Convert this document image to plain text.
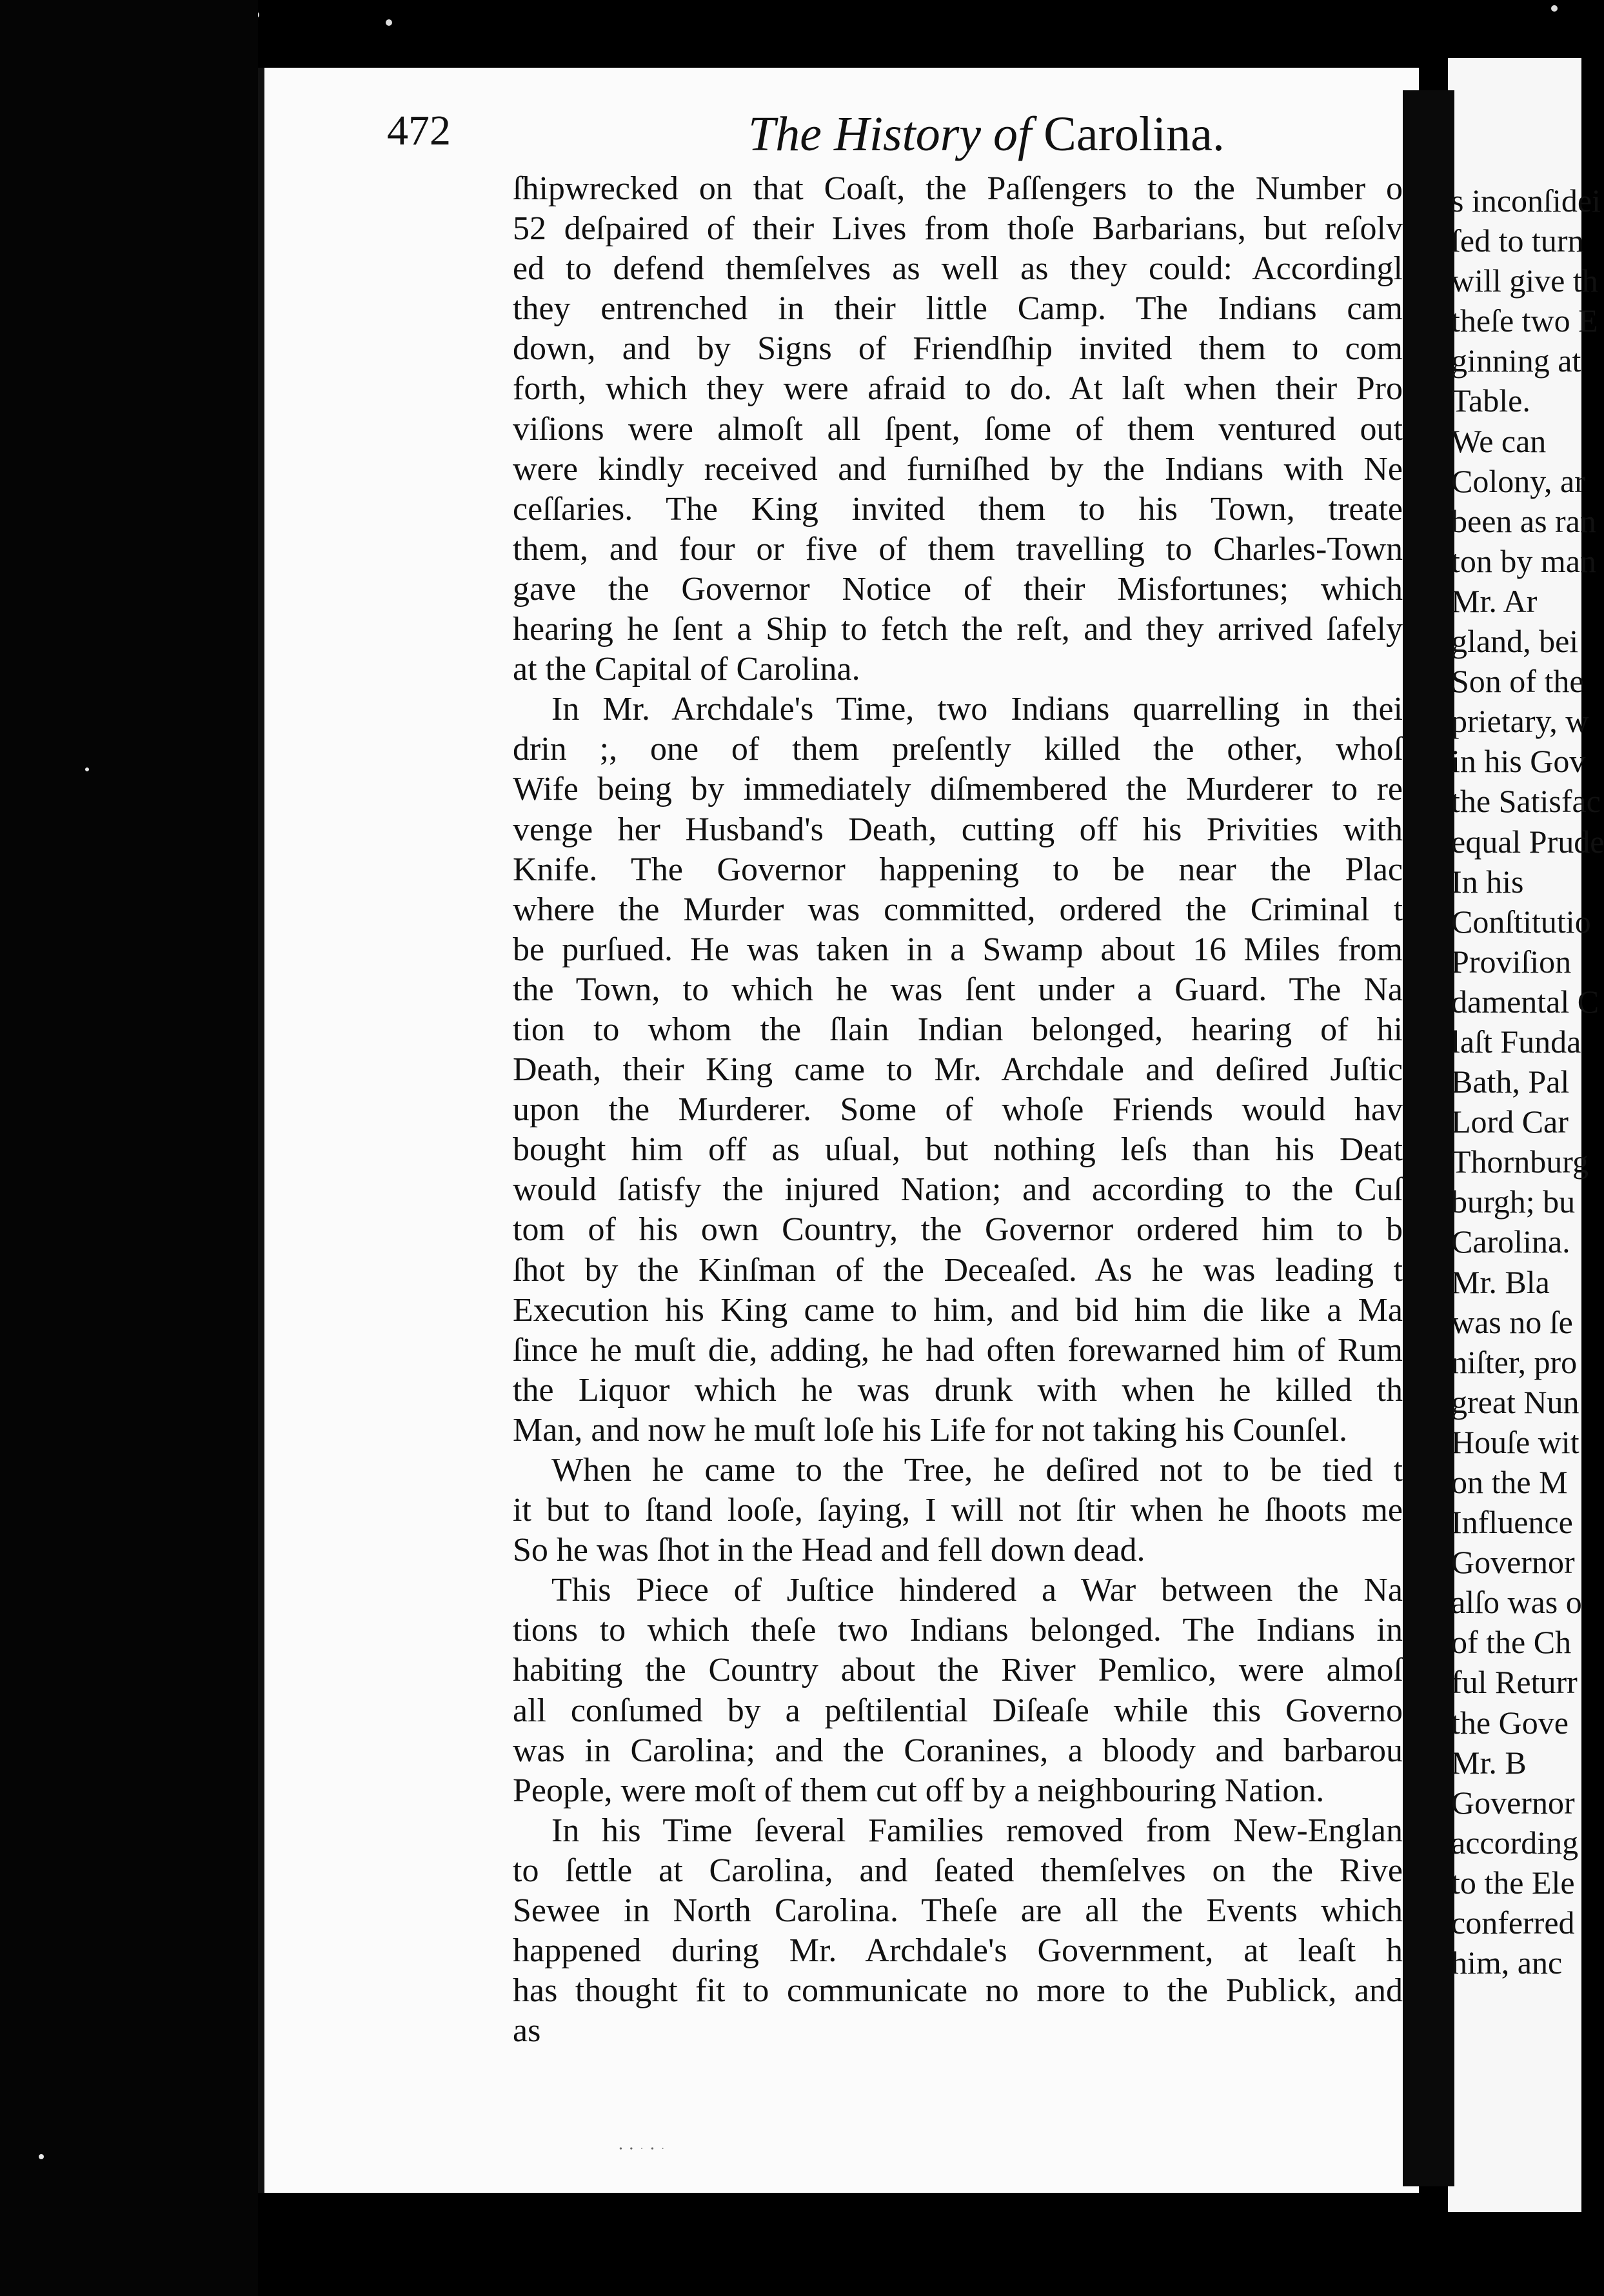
472	The History of Carolina.
ſhipwrecked on that Coaſt, the Paſſengers to the Number o
52 deſpaired of their Lives from thoſe Barbarians, but reſolv
ed to defend themſelves as well as they could: Accordingl
they entrenched in their little Camp. The Indians cam
down, and by Signs of Friendſhip invited them to com
forth, which they were afraid to do. At laſt when their Pro
viſions were almoſt all ſpent, ſome of them ventured out
were kindly received and furniſhed by the Indians with Ne
ceſſaries. The King invited them to his Town, treate
them, and four or five of them travelling to Charles-Town
gave the Governor Notice of their Misfortunes; which
hearing he ſent a Ship to fetch the reſt, and they arrived ſafely
at the Capital of Carolina.
In Mr. Archdale's Time, two Indians quarrelling in thei
drin ;, one of them preſently killed the other, whoſ
Wife being by immediately diſmembered the Murderer to re
venge her Husband's Death, cutting off his Privities with
Knife. The Governor happening to be near the Plac
where the Murder was committed, ordered the Criminal t
be purſued. He was taken in a Swamp about 16 Miles from
the Town, to which he was ſent under a Guard. The Na
tion to whom the ſlain Indian belonged, hearing of hi
Death, their King came to Mr. Archdale and deſired Juſtic
upon the Murderer. Some of whoſe Friends would hav
bought him off as uſual, but nothing leſs than his Deat
would ſatisfy the injured Nation; and according to the Cuſ
tom of his own Country, the Governor ordered him to b
ſhot by the Kinſman of the Deceaſed. As he was leading t
Execution his King came to him, and bid him die like a Ma
ſince he muſt die, adding, he had often forewarned him of Rum
the Liquor which he was drunk with when he killed th
Man, and now he muſt loſe his Life for not taking his Counſel.
When he came to the Tree, he deſired not to be tied t
it but to ſtand looſe, ſaying, I will not ſtir when he ſhoots me
So he was ſhot in the Head and fell down dead.
This Piece of Juſtice hindered a War between the Na
tions to which theſe two Indians belonged. The Indians in
habiting the Country about the River Pemlico, were almoſ
all conſumed by a peſtilential Diſeaſe while this Governo
was in Carolina; and the Coranines, a bloody and barbarou
People, were moſt of them cut off by a neighbouring Nation.
In his Time ſeveral Families removed from New-Englan
to ſettle at Carolina, and ſeated themſelves on the Rive
Sewee in North Carolina. Theſe are all the Events which
happened during Mr. Archdale's Government, at leaſt h
has thought fit to communicate no more to the Publick, and
as
s inconſidei
ſed to turn
will give th
theſe two E
ginning at
Table.
We can
Colony, ar
been as ran
ton by man
Mr. Ar
gland, bei
Son of the
prietary, w
in his Gov
the Satisfac
equal Prude
In his
Conſtitutio
Proviſion
damental C
laſt Funda
Bath, Pal
Lord Car
Thornburg
burgh; bu
Carolina.
Mr. Bla
was no ſe
niſter, pro
great Nun
Houſe wit
on the M
Influence
Governor
alſo was o
of the Ch
ful Returr
the Gove
Mr. B
Governor
according
to the Ele
conferred
him, anc
• • · • ·
